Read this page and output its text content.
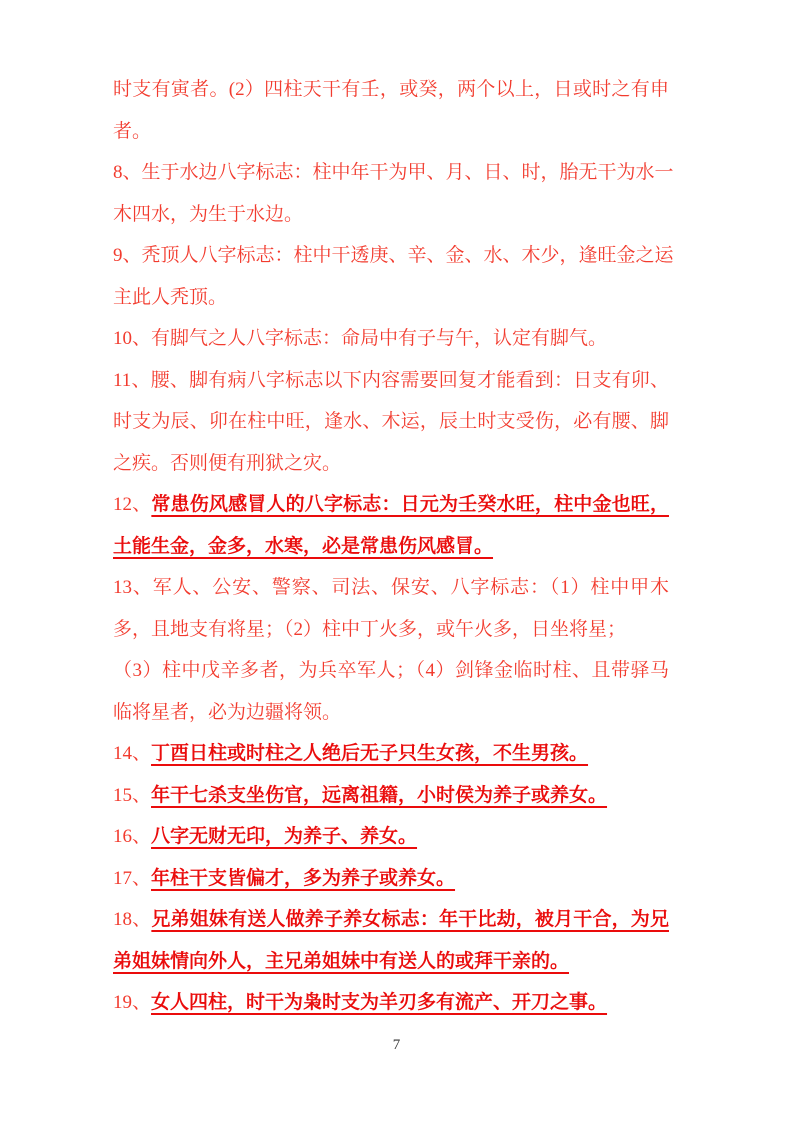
时支有寅者。(2）四柱天干有壬，或癸，两个以上，日或时之有申
者。
8、生于水边八字标志：柱中年干为甲、月、日、时，胎无干为水一
木四水，为生于水边。
9、秃顶人八字标志：柱中干透庚、辛、金、水、木少，逢旺金之运
主此人秃顶。
10、有脚气之人八字标志：命局中有子与午，认定有脚气。
11、腰、脚有病八字标志以下内容需要回复才能看到：日支有卯、
时支为辰、卯在柱中旺，逢水、木运，辰土时支受伤，必有腰、脚
之疾。否则便有刑狱之灾。
12、常患伤风感冒人的八字标志：日元为壬癸水旺，柱中金也旺，
土能生金，金多，水寒，必是常患伤风感冒。
13、军人、公安、警察、司法、保安、八字标志：（1）柱中甲木
多，且地支有将星；（2）柱中丁火多，或午火多，日坐将星；
（3）柱中戊辛多者，为兵卒军人；（4）剑锋金临时柱、且带驿马
临将星者，必为边疆将领。
14、丁酉日柱或时柱之人绝后无子只生女孩，不生男孩。
15、年干七杀支坐伤官，远离祖籍，小时侯为养子或养女。
16、八字无财无印，为养子、养女。
17、年柱干支皆偏才，多为养子或养女。
18、兄弟姐妹有送人做养子养女标志：年干比劫，被月干合，为兄
弟姐妹情向外人，主兄弟姐妹中有送人的或拜干亲的。
19、女人四柱，时干为枭时支为羊刃多有流产、开刀之事。
7
